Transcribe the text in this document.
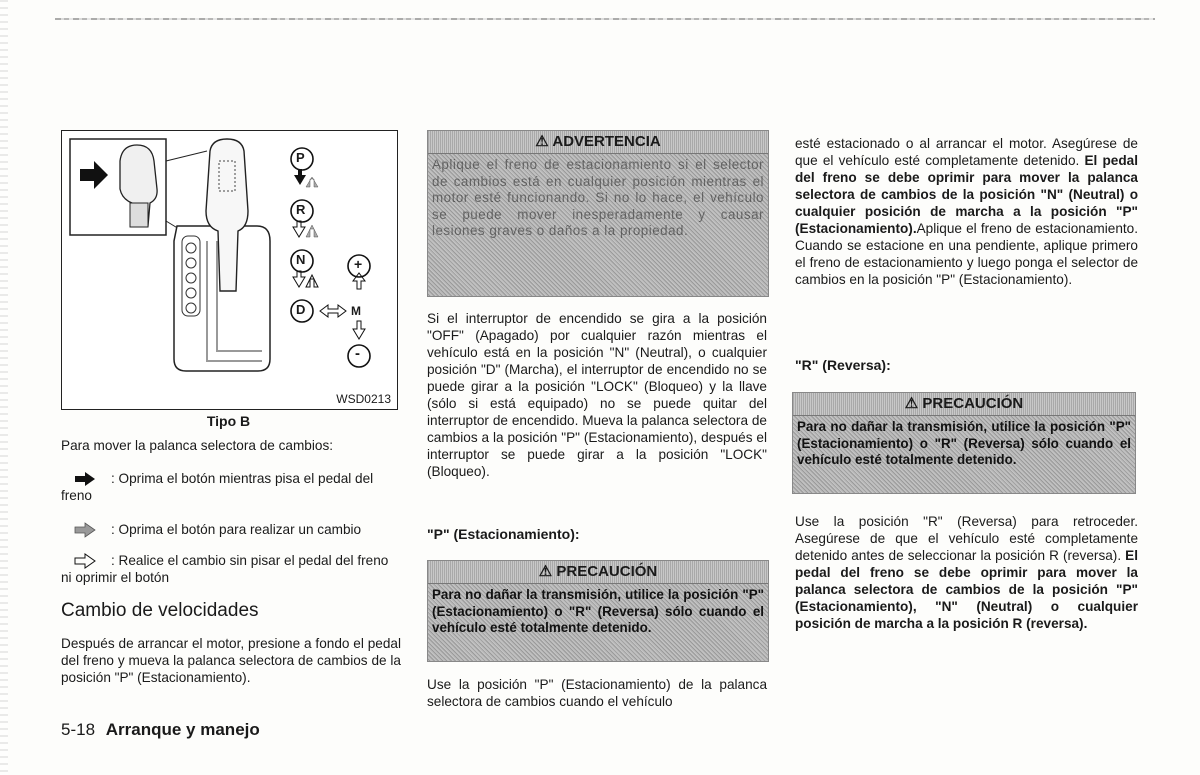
P
R
N
D
+
-
M
WSD0213
Tipo B
Para mover la palanca selectora de cambios:
: Oprima el botón mientras pisa el pedal del freno
: Oprima el botón para realizar un cambio
: Realice el cambio sin pisar el pedal del freno ni oprimir el botón
Cambio de velocidades
Después de arrancar el motor, presione a fondo el pedal del freno y mueva la palanca selectora de cambios de la posición "P" (Estacionamiento).
5-18 Arranque y manejo
⚠ ADVERTENCIA
Aplique el freno de estacionamiento si el selector de cambios está en cualquier posición mientras el motor esté funcionando. Si no lo hace, el vehículo se puede mover inesperadamente y causar lesiones graves o daños a la propiedad.
Si el interruptor de encendido se gira a la posición "OFF" (Apagado) por cualquier razón mientras el vehículo está en la posición "N" (Neutral), o cualquier posición "D" (Marcha), el interruptor de encendido no se puede girar a la posición "LOCK" (Bloqueo) y la llave (sólo si está equipado) no se puede quitar del interruptor de encendido. Mueva la palanca selectora de cambios a la posición "P" (Estacionamiento), después el interruptor se puede girar a la posición "LOCK" (Bloqueo).
"P" (Estacionamiento):
⚠ PRECAUCIÓN
Para no dañar la transmisión, utilice la posición "P" (Estacionamiento) o "R" (Reversa) sólo cuando el vehículo esté totalmente detenido.
Use la posición "P" (Estacionamiento) de la palanca selectora de cambios cuando el vehículo
esté estacionado o al arrancar el motor. Asegúrese de que el vehículo esté completamente detenido. El pedal del freno se debe oprimir para mover la palanca selectora de cambios de la posición "N" (Neutral) o cualquier posición de marcha a la posición "P" (Estacionamiento).Aplique el freno de estacionamiento. Cuando se estacione en una pendiente, aplique primero el freno de estacionamiento y luego ponga el selector de cambios en la posición "P" (Estacionamiento).
"R" (Reversa):
⚠ PRECAUCIÓN
Para no dañar la transmisión, utilice la posición "P" (Estacionamiento) o "R" (Reversa) sólo cuando el vehículo esté totalmente detenido.
Use la posición "R" (Reversa) para retroceder. Asegúrese de que el vehículo esté completamente detenido antes de seleccionar la posición R (reversa). El pedal del freno se debe oprimir para mover la palanca selectora de cambios de la posición "P" (Estacionamiento), "N" (Neutral) o cualquier posición de marcha a la posición R (reversa).
